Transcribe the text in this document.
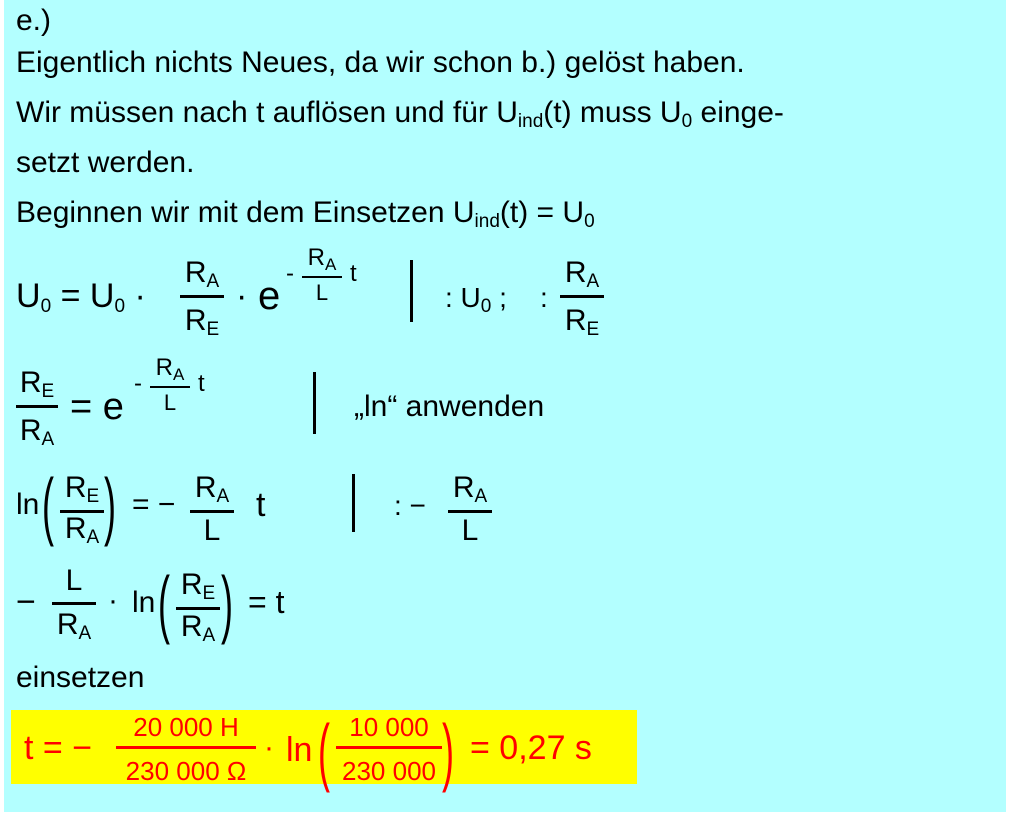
e.)
Eigentlich nichts Neues, da wir schon b.) gelöst haben.
Wir müssen nach t auflösen und für $U_{ind}(t)$ muss $U_0$ einge-
setzt werden.
Beginnen wir mit dem Einsetzen $U_{ind}(t) = U_0$
$U_0 = U_0$ ·
$R_A$
$R_E$
· e
-
$R_A$
L
t
: $U_0$ ; :
$R_A$
$R_E$
$R_E$
$R_A$
= e
-
$R_A$
L
t
„ln“ anwenden
ln ( $R_E$
$R_A$ ) = −
$R_A$
L
t	: −
$R_A$
L
−
L
$R_A$
· ln ( $R_E$
$R_A$ ) = t
einsetzen
t = −
20 000 H
230 000 Ω
· ln ( 10 000
230 000 ) = 0,27 s
